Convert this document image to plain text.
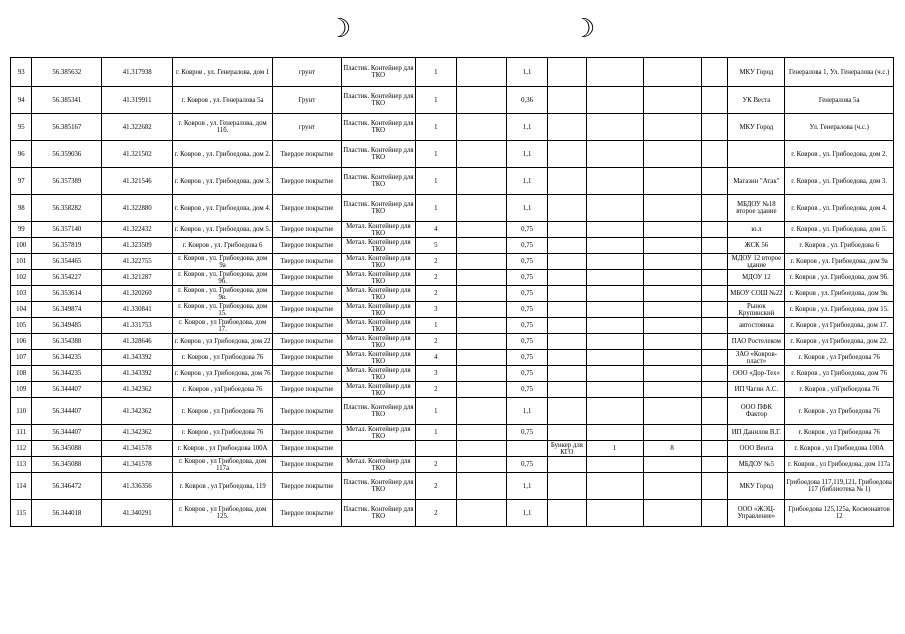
☽	☽
93	56.385632	41.317938	г. Ковров , ул. Генералова, дом 1	грунт	Пластик. Контейнер для ТКО	1		1,1					МКУ Город	Генералова 1, Ул. Генералова (ч.с.)
94	56.385341	41.319911	г. Ковров , ул. Генералова 5а	Грунт	Пластик. Контейнер для ТКО	1		0,36					УК Веста	Генералова 5а
95	56.385167	41.322682	г. Ковров , ул. Генералова, дом 11б.	грунт	Пластик. Контейнер для ТКО	1		1,1					МКУ Город	Ул. Генералова (ч.с.)
96	56.359036	41.321502	г. Ковров , ул. Грибоедова, дом 2.	Твердое покрытие	Пластик. Контейнер для ТКО	1		1,1						г. Ковров , ул. Грибоедова, дом 2.
97	56.357389	41.321546	г. Ковров , ул. Грибоедова, дом 3.	Твердое покрытие	Пластик. Контейнер для ТКО	1		1,1					Магазин "Атак"	г. Ковров , ул. Грибоедова, дом 3.
98	56.358282	41.322880	г. Ковров , ул. Грибоедова, дом 4.	Твердое покрытие	Пластик. Контейнер для ТКО	1		1,1					МБДОУ №18 второе здание	г. Ковров , ул. Грибоедова, дом 4.
99	56.357140	41.322432	г. Ковров , ул. Грибоедова, дом 5.	Твердое покрытие	Метал. Контейнер для ТКО	4		0,75					ю.л	г. Ковров , ул. Грибоедова, дом 5.
100	56.357819	41.323509	г. Ковров , ул. Грибоедова 6	Твердое покрытие	Метал. Контейнер для ТКО	5		0,75					ЖСК 56	г. Ковров , ул. Грибоедова 6
101	56.354465	41.322755	г. Ковров , ул. Грибоедова, дом 9а	Твердое покрытие	Метал. Контейнер для ТКО	2		0,75					МДОУ 12 второе здание	г. Ковров , ул. Грибоедова, дом 9а
102	56.354227	41.321287	г. Ковров , ул. Грибоедова, дом 9б.	Твердое покрытие	Метал. Контейнер для ТКО	2		0,75					МДОУ 12	г. Ковров , ул. Грибоедова, дом 9б.
103	56.353614	41.320260	г. Ковров , ул. Грибоедова, дом 9в.	Твердое покрытие	Метал. Контейнер для ТКО	2		0,75					МБОУ СОШ №22	г. Ковров , ул. Грибоедова, дом 9в.
104	56.349874	41.330841	г. Ковров , ул. Грибоедова, дом 15.	Твердое покрытие	Метал. Контейнер для ТКО	3		0,75					Рынок Крупинский	г. Ковров , ул. Грибоедова, дом 15.
105	56.349485	41.331753	г. Ковров , ул Грибоедова, дом 17.	Твердое покрытие	Метал. Контейнер для ТКО	1		0,75					автостоянка	г. Ковров , ул Грибоедова, дом 17.
106	56.354388	41.328646	г. Ковров , ул Грибоедова, дом 22	Твердое покрытие	Метал. Контейнер для ТКО	2		0,75					ПАО Ростелеком	г. Ковров , ул Грибоедова, дом 22.
107	56.344235	41.343392	г. Ковров , ул Грибоедова 76	Твердое покрытие	Метал. Контейнер для ТКО	4		0,75					ЗАО «Ковров-пласт»	г. Ковров , ул Грибоедова 76
108	56.344235	41.343392	г. Ковров , ул Грибоедова, дом 76	Твердое покрытие	Метал. Контейнер для ТКО	3		0,75					ООО «Дор-Тех»	г. Ковров , ул Грибоедова, дом 76
109	56.344407	41.342362	г. Ковров , улГрибоедова 76	Твердое покрытие	Метал. Контейнер для ТКО	2		0,75					ИП Чагин А.С.	г. Ковров , улГрибоедова 76
110	56.344407	41.342362	г. Ковров , ул Грибоедова 76	Твердое покрытие	Пластик. Контейнер для ТКО	1		1,1					ООО ПФК Фактор	г. Ковров , ул Грибоедова 76
111	56.344407	41.342362	г. Ковров , ул Грибоедова 76	Твердое покрытие	Метал. Контейнер для ТКО	1		0,75					ИП Данилов В.Г.	г. Ковров , ул Грибоедова 76
112	56.345088	41.341578	г. Ковров , ул Грибоедова 100А	Твердое покрытие					Бункер для КГО	1	8		ООО Вента	г. Ковров , ул Грибоедова 100А
113	56.345088	41.341578	г. Ковров , ул Грибоедова, дом 117а	Твердое покрытие	Метал. Контейнер для ТКО	2		0,75					МБДОУ №5	г. Ковров , ул Грибоедова, дом 117а
114	56.346472	41.336356	г. Ковров , ул Грибоедова, 119	Твердое покрытие	Пластик. Контейнер для ТКО	2		1,1					МКУ Город	Грибоедова 117,119,121, Грибоедова 117 (библиотека № 1)
115	56.344018	41.340291	г. Ковров , ул Грибоедова, дом 125.	Твердое покрытие	Пластик. Контейнер для ТКО	2		1,1					ООО «ЖЭЦ-Управление»	Грибоедова 125,125а, Космонавтов 12
